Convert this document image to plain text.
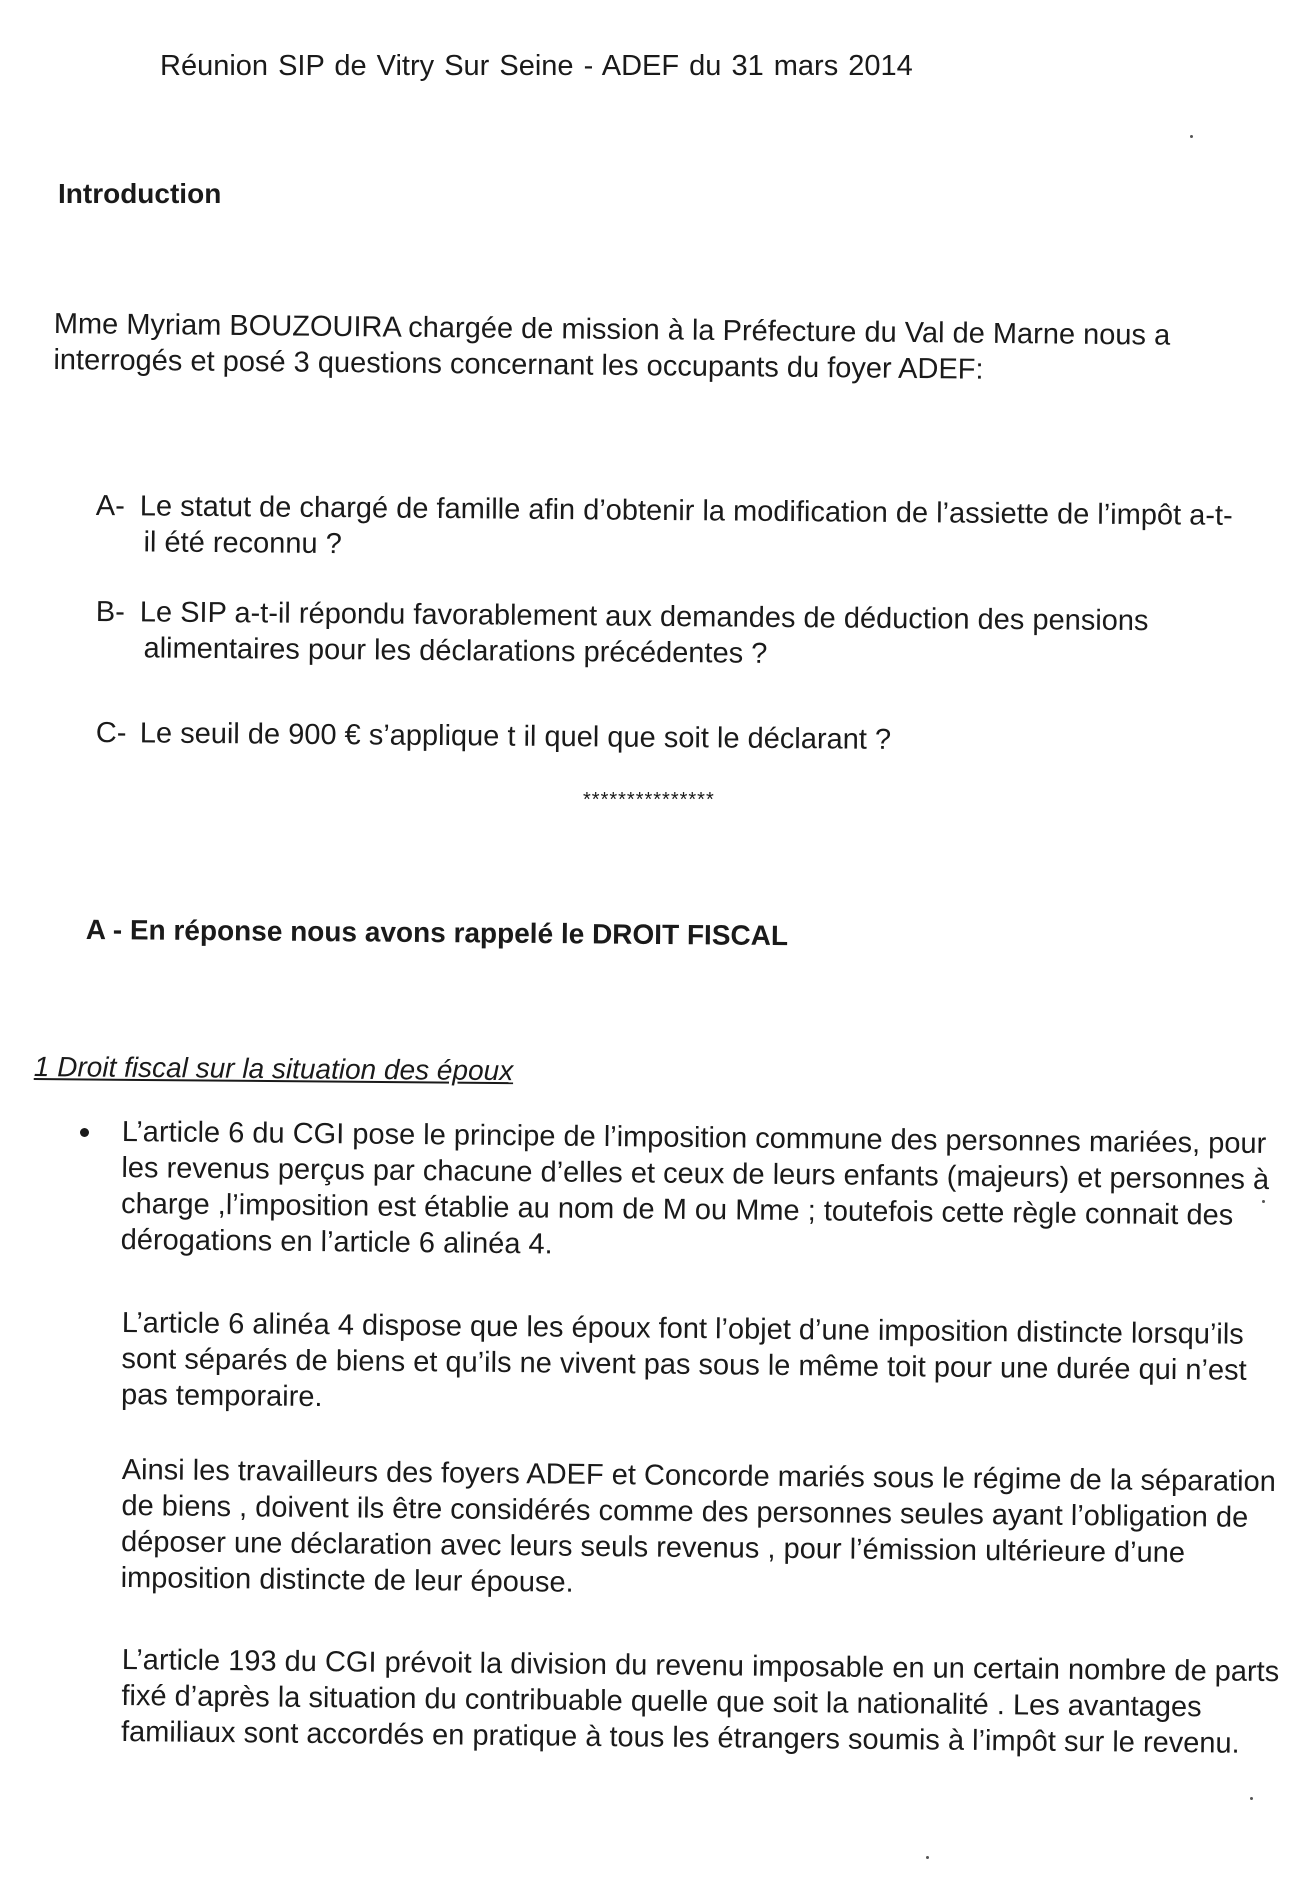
Réunion SIP de Vitry Sur Seine - ADEF du 31 mars 2014

Introduction

Mme Myriam BOUZOUIRA chargée de mission à la Préfecture du Val de Marne nous a interrogés et posé 3 questions concernant les occupants du foyer ADEF:

A- Le statut de chargé de famille afin d’obtenir la modification de l’assiette de l’impôt a-t-
il été reconnu ?
B- Le SIP a-t-il répondu favorablement aux demandes de déduction des pensions
alimentaires pour les déclarations précédentes ?
C- Le seuil de 900 € s’applique t il quel que soit le déclarant ?

***************

A - En réponse nous avons rappelé le DROIT FISCAL

1 Droit fiscal sur la situation des époux

L’article 6 du CGI pose le principe de l’imposition commune des personnes mariées, pour les revenus perçus par chacune d’elles et ceux de leurs enfants (majeurs) et personnes à charge ,l’imposition est établie au nom de M ou Mme ; toutefois cette règle connait des dérogations en l’article 6 alinéa 4.

L’article 6 alinéa 4 dispose que les époux font l’objet d’une imposition distincte lorsqu’ils sont séparés de biens et qu’ils ne vivent pas sous le même toit pour une durée qui n’est pas temporaire.

Ainsi les travailleurs des foyers ADEF et Concorde mariés sous le régime de la séparation de biens , doivent ils être considérés comme des personnes seules ayant l’obligation de déposer une déclaration avec leurs seuls revenus , pour l’émission ultérieure d’une imposition distincte de leur épouse.

L’article 193 du CGI prévoit la division du revenu imposable en un certain nombre de parts fixé d’après la situation du contribuable quelle que soit la nationalité . Les avantages familiaux sont accordés en pratique à tous les étrangers soumis à l’impôt sur le revenu.
